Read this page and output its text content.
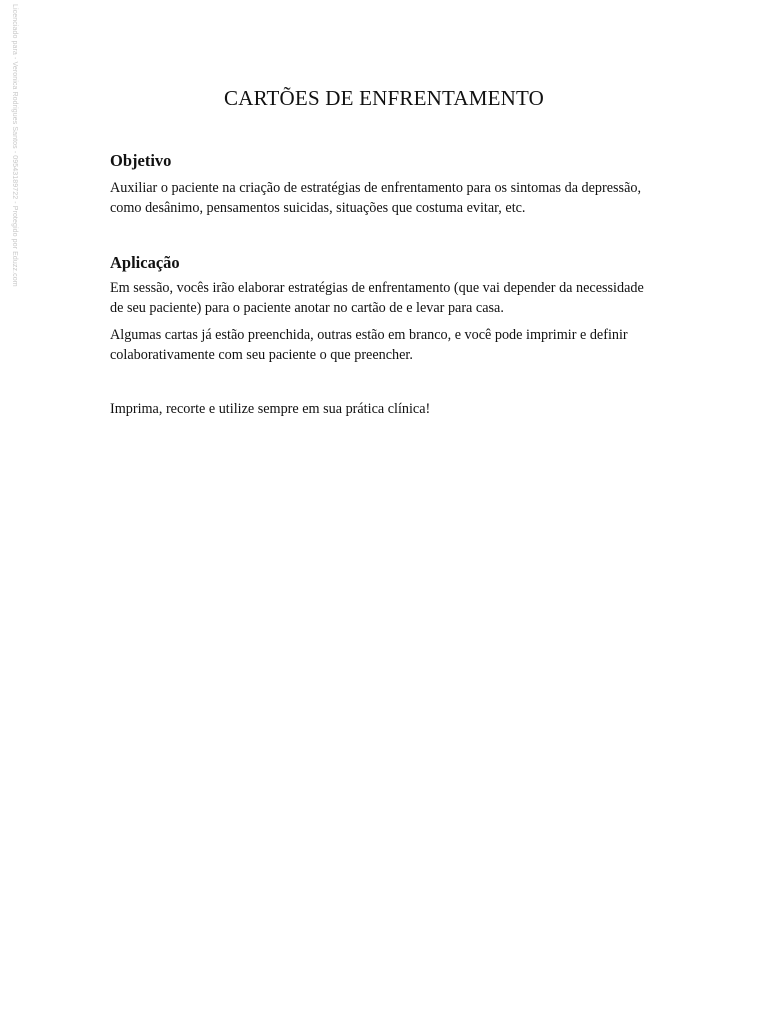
Licenciado para - Veronica Rodrigues Santos - 09543189722 - Protegido por Eduzz.com	CARTÕES DE ENFRENTAMENTO
Objetivo

Auxiliar o paciente na criação de estratégias de enfrentamento para os sintomas da depressão, como desânimo, pensamentos suicidas, situações que costuma evitar, etc.

Aplicação

Em sessão, vocês irão elaborar estratégias de enfrentamento (que vai depender da necessidade de seu paciente) para o paciente anotar no cartão de e levar para casa.

Algumas cartas já estão preenchida, outras estão em branco, e você pode imprimir e definir colaborativamente com seu paciente o que preencher.

Imprima, recorte e utilize sempre em sua prática clínica!
